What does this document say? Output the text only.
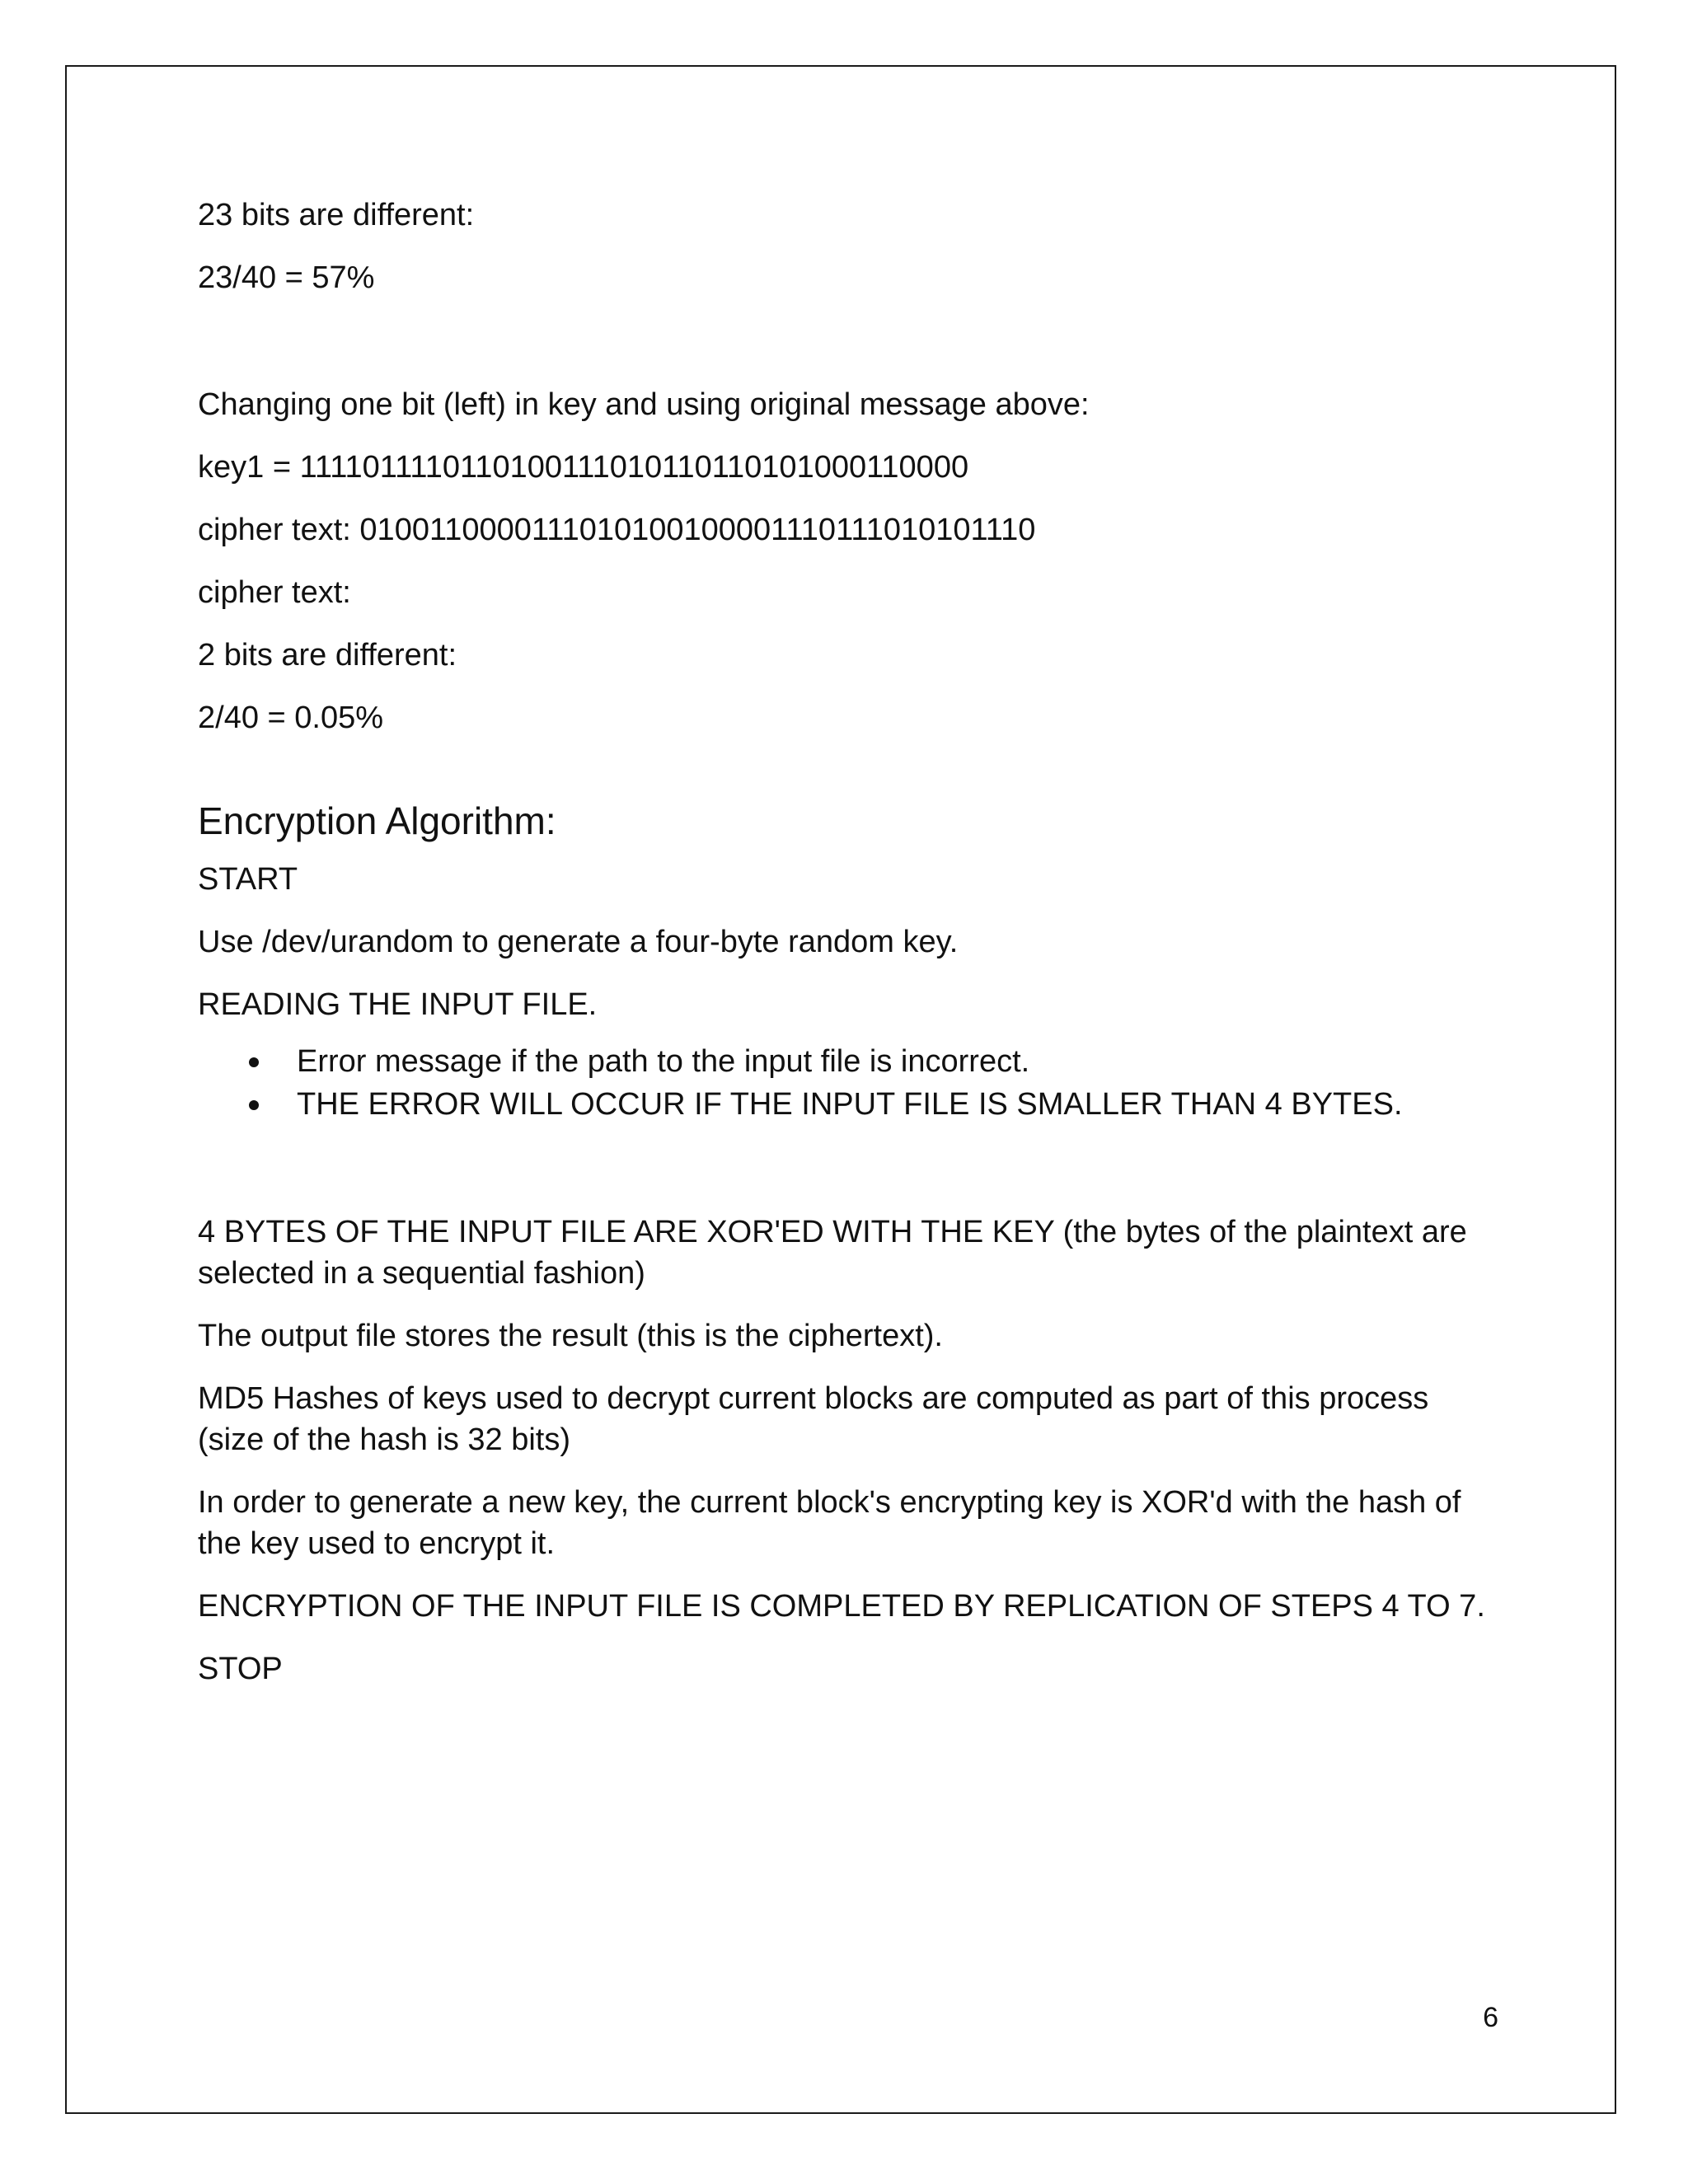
23 bits are different:

23/40 = 57%

Changing one bit (left) in key and using original message above:

key1 = 1111011110110100111010110110101000110000

cipher text: 0100110000111010100100001110111010101110

cipher text:

2 bits are different:

2/40 = 0.05%

Encryption Algorithm:

START

Use /dev/urandom to generate a four-byte random key.

READING THE INPUT FILE.

Error message if the path to the input file is incorrect.
THE ERROR WILL OCCUR IF THE INPUT FILE IS SMALLER THAN 4 BYTES.

4 BYTES OF THE INPUT FILE ARE XOR'ED WITH THE KEY (the bytes of the plaintext are selected in a sequential fashion)

The output file stores the result (this is the ciphertext).

MD5 Hashes of keys used to decrypt current blocks are computed as part of this process (size of the hash is 32 bits)

In order to generate a new key, the current block's encrypting key is XOR'd with the hash of the key used to encrypt it.

ENCRYPTION OF THE INPUT FILE IS COMPLETED BY REPLICATION OF STEPS 4 TO 7.

STOP

6
